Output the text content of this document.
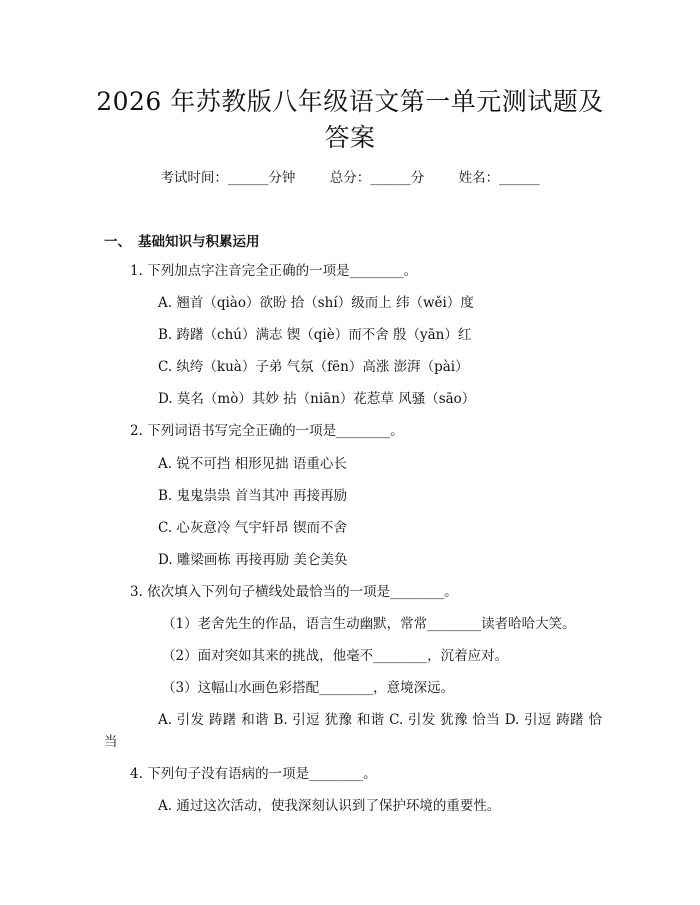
2026 年苏教版八年级语文第一单元测试题及答案
考试时间：______分钟	总分：______分	姓名：______
一、 基础知识与积累运用
1. 下列加点字注音完全正确的一项是________。
A. 翘首（qiào）欲盼 拾（shí）级而上 纬（wěi）度
B. 踌躇（chú）满志 锲（qiè）而不舍 殷（yān）红
C. 纨绔（kuà）子弟 气氛（fēn）高涨 澎湃（pài）
D. 莫名（mò）其妙 拈（niān）花惹草 风骚（sāo）
2. 下列词语书写完全正确的一项是________。
A. 锐不可挡 相形见拙 语重心长
B. 鬼鬼祟祟 首当其冲 再接再励
C. 心灰意冷 气宇轩昂 锲而不舍
D. 雕梁画栋 再接再励 美仑美奂
3. 依次填入下列句子横线处最恰当的一项是________。
（1）老舍先生的作品，语言生动幽默，常常________读者哈哈大笑。
（2）面对突如其来的挑战，他毫不________，沉着应对。
（3）这幅山水画色彩搭配________，意境深远。
A. 引发 踌躇 和谐 B. 引逗 犹豫 和谐 C. 引发 犹豫 恰当 D. 引逗 踌躇 恰当
4. 下列句子没有语病的一项是________。
A. 通过这次活动，使我深刻认识到了保护环境的重要性。
